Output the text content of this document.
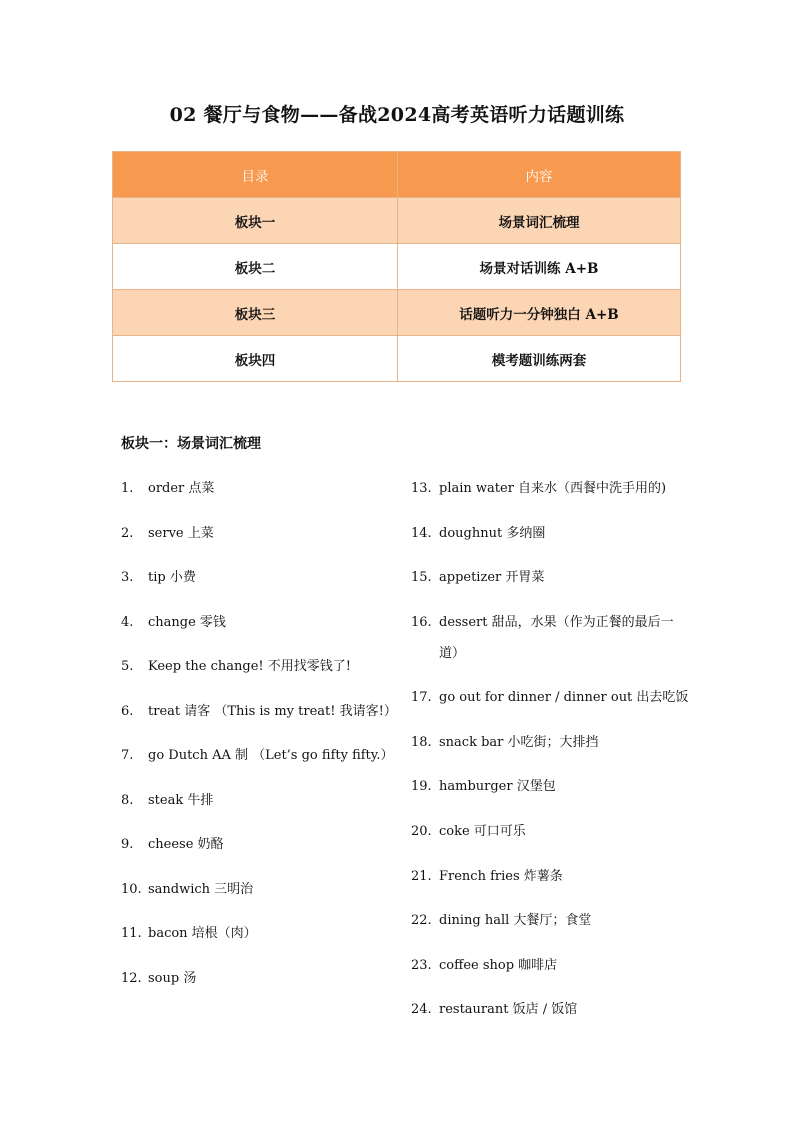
02 餐厅与食物——备战2024高考英语听力话题训练
目录	内容
板块一	场景词汇梳理
板块二	场景对话训练 A+B
板块三	话题听力一分钟独白 A+B
板块四	模考题训练两套
板块一：场景词汇梳理
1. order 点菜
2. serve 上菜
3. tip 小费
4. change 零钱
5. Keep the change! 不用找零钱了!
6. treat 请客 （This is my treat! 我请客!）
7. go Dutch AA 制 （Let’s go fifty fifty.）
8. steak 牛排
9. cheese 奶酪
10. sandwich 三明治
11. bacon 培根（肉）
12. soup 汤
13. plain water 自来水（西餐中洗手用的)
14. doughnut 多纳圈
15. appetizer 开胃菜
16. dessert 甜品，水果（作为正餐的最后一道）
17. go out for dinner / dinner out 出去吃饭
18. snack bar 小吃街；大排挡
19. hamburger 汉堡包
20. coke 可口可乐
21. French fries 炸薯条
22. dining hall 大餐厅；食堂
23. coffee shop 咖啡店
24. restaurant 饭店 / 饭馆
